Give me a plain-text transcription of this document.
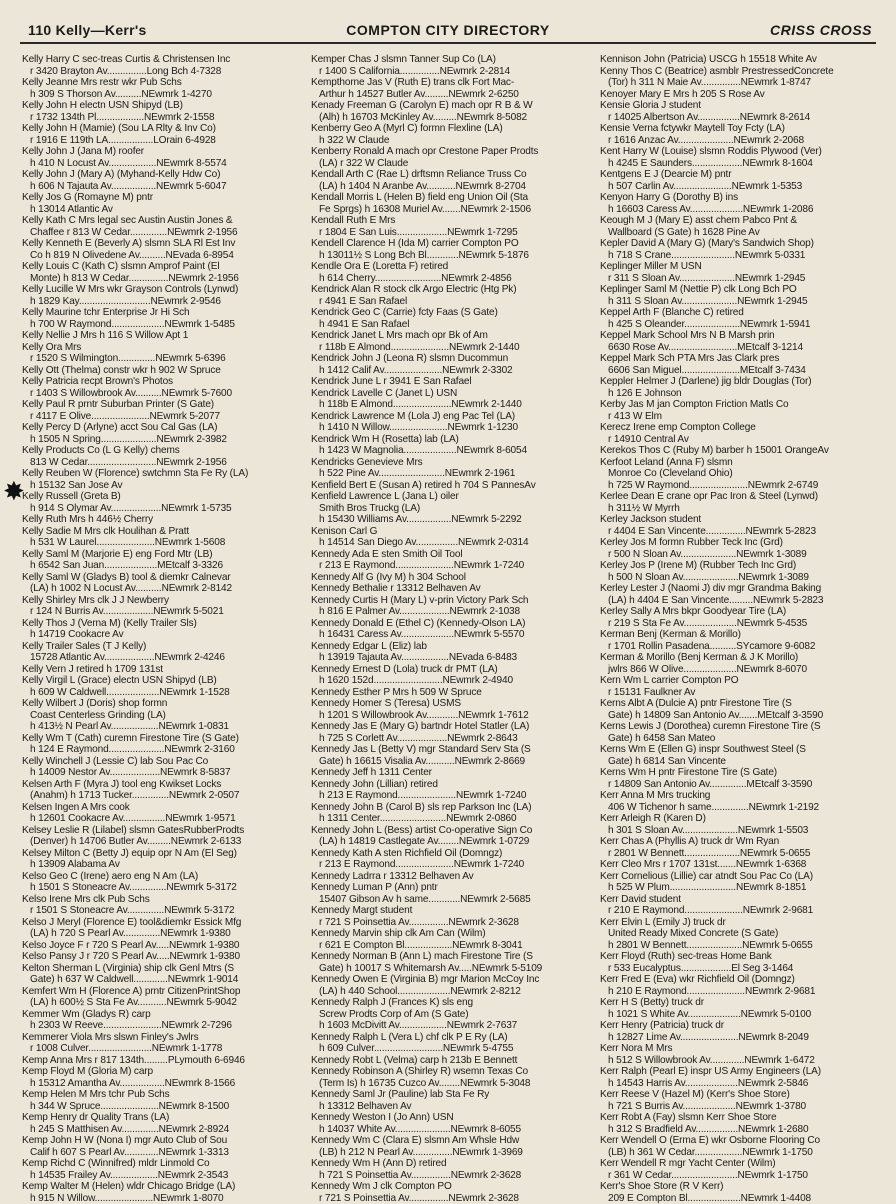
110 Kelly—Kerr's	COMPTON CITY DIRECTORY	CRISS CROSS
✸
Kelly Harry C sec-treas Curtis & Christensen Inc
r 3420 Brayton Av...............Long Bch 4-7328
Kelly Jeanne Mrs restr wkr Pub Schs
h 309 S Thorson Av..........NEwmrk 1-4270
Kelly John H electn USN Shipyd (LB)
r 1732 134th Pl..................NEwmrk 2-1558
Kelly John H (Mamie) (Sou LA Rlty & Inv Co)
r 1916 E 119th LA.................LOrain 6-4928
Kelly John J (Jana M) roofer
h 410 N Locust Av..................NEwmrk 8-5574
Kelly John J (Mary A) (Myhand-Kelly Hdw Co)
h 606 N Tajauta Av.................NEwmrk 5-6047
Kelly Jos G (Romayne M) pntr
h 13014 Atlantic Av
Kelly Kath C Mrs legal sec Austin Austin Jones &
Chaffee r 813 W Cedar..............NEwmrk 2-1956
Kelly Kenneth E (Beverly A) slsmn SLA Rl Est Inv
Co h 819 N Olivedene Av..........NEvada 6-8954
Kelly Louis C (Kath C) slsmn Amprof Paint (El
Monte) h 813 W Cedar...............NEwmrk 2-1956
Kelly Lucille W Mrs wkr Grayson Controls (Lynwd)
h 1829 Kay...........................NEwmrk 2-9546
Kelly Maurine tchr Enterprise Jr Hi Sch
h 700 W Raymond....................NEwmrk 1-5485
Kelly Nellie J Mrs h 116 S Willow Apt 1
Kelly Ora Mrs
r 1520 S Wilmington..............NEwmrk 5-6396
Kelly Ott (Thelma) constr wkr h 902 W Spruce
Kelly Patricia recpt Brown's Photos
r 1403 S Willowbrook Av..........NEwmrk 5-7600
Kelly Paul R prntr Suburban Printer (S Gate)
r 4117 E Olive......................NEwmrk 5-2077
Kelly Percy D (Arlyne) acct Sou Cal Gas (LA)
h 1505 N Spring.....................NEwmrk 2-3982
Kelly Products Co (L G Kelly) chems
813 W Cedar..........................NEwmrk 2-1956
Kelly Reuben W (Florence) swtchmn Sta Fe Ry (LA)
h 15132 San Jose Av
Kelly Russell (Greta B)
h 914 S Olymar Av...................NEwmrk 1-5735
Kelly Ruth Mrs h 446½ Cherry
Kelly Sadie M Mrs clk Houlihan & Pratt
h 531 W Laurel......................NEwmrk 1-5608
Kelly Saml M (Marjorie E) eng Ford Mtr (LB)
h 6542 San Juan....................MEtcalf 3-3326
Kelly Saml W (Gladys B) tool & diemkr Calnevar
(LA) h 1002 N Locust Av..........NEwmrk 2-8142
Kelly Shirley Mrs clk J J Newberry
r 124 N Burris Av...................NEwmrk 5-5021
Kelly Thos J (Verna M) (Kelly Trailer Sls)
h 14719 Cookacre Av
Kelly Trailer Sales (T J Kelly)
15728 Atlantic Av...................NEwmrk 2-4246
Kelly Vern J retired h 1709 131st
Kelly Virgil L (Grace) electn USN Shipyd (LB)
h 609 W Caldwell....................NEwmrk 1-1528
Kelly Wilbert J (Doris) shop formn
Coast Centerless Grinding (LA)
h 413½ N Pearl Av..................NEwmrk 1-0831
Kelly Wm T (Cath) curemn Firestone Tire (S Gate)
h 124 E Raymond.....................NEwmrk 2-3160
Kelly Winchell J (Lessie C) lab Sou Pac Co
h 14009 Nestor Av...................NEwmrk 8-5837
Kelsen Arth F (Myra J) tool eng Kwikset Locks
(Anahm) h 1713 Tucker..............NEwmrk 2-0507
Kelsen Ingen A Mrs cook
h 12601 Cookacre Av................NEwmrk 1-9571
Kelsey Leslie R (Lilabel) slsmn GatesRubberProdts
(Denver) h 14706 Butler Av.........NEwmrk 2-6133
Kelsey Milton C (Betty J) equip opr N Am (El Seg)
h 13909 Alabama Av
Kelso Geo C (Irene) aero eng N Am (LA)
h 1501 S Stoneacre Av..............NEwmrk 5-3172
Kelso Irene Mrs clk Pub Schs
r 1501 S Stoneacre Av..............NEwmrk 5-3172
Kelso J Meryl (Florence E) tool&diemkr Essick Mfg
(LA) h 720 S Pearl Av..............NEwmrk 1-9380
Kelso Joyce F r 720 S Pearl Av.....NEwmrk 1-9380
Kelso Pansy J r 720 S Pearl Av.....NEwmrk 1-9380
Kelton Sherman L (Virginia) ship clk Genl Mtrs (S
Gate) h 637 W Caldwell.............NEwmrk 1-9014
Kemfert Wm H (Florence A) prntr CitizenPrintShop
(LA) h 600½ S Sta Fe Av...........NEwmrk 5-9042
Kemmer Wm (Gladys R) carp
h 2303 W Reeve......................NEwmrk 2-7296
Kemmerer Viola Mrs slswn Finley's Jwlrs
r 1008 Culver........................NEwmrk 1-1778
Kemp Anna Mrs r 817 134th.........PLymouth 6-6946
Kemp Floyd M (Gloria M) carp
h 15312 Amantha Av.................NEwmrk 8-1566
Kemp Helen M Mrs tchr Pub Schs
h 344 W Spruce......................NEwmrk 8-1500
Kemp Henry dr Quality Trans (LA)
h 245 S Matthisen Av..............NEwmrk 2-8924
Kemp John H W (Nona I) mgr Auto Club of Sou
Calif h 607 S Pearl Av.............NEwmrk 1-3313
Kemp Richd C (Winnifred) mldr Linmold Co
h 14535 Frailey Av..................NEwmrk 2-3543
Kemp Walter M (Helen) wldr Chicago Bridge (LA)
h 915 N Willow......................NEwmrk 1-8070
Kemper Chas J slsmn Tanner Sup Co (LA)
r 1400 S California...............NEwmrk 2-2814
Kempthorne Jas V (Ruth E) trans clk Fort Mac-
Arthur h 14527 Butler Av.........NEwmrk 2-6250
Kenady Freeman G (Carolyn E) mach opr R B & W
(Alh) h 16703 McKinley Av.........NEwmrk 8-5082
Kenberry Geo A (Myrl C) formn Flexline (LA)
h 322 W Claude
Kenberry Ronald A mach opr Crestone Paper Prodts
(LA) r 322 W Claude
Kendall Arth C (Rae L) drftsmn Reliance Truss Co
(LA) h 1404 N Aranbe Av...........NEwmrk 8-2704
Kendall Morris L (Helen B) field eng Union Oil (Sta
Fe Sprgs) h 16308 Muriel Av.......NEwmrk 2-1506
Kendall Ruth E Mrs
r 1804 E San Luis...................NEwmrk 1-7295
Kendell Clarence H (Ida M) carrier Compton PO
h 13011½ S Long Bch Bl............NEwmrk 5-1876
Kendle Ora E (Loretta F) retired
h 614 Cherry.........................NEwmrk 2-4856
Kendrick Alan R stock clk Argo Electric (Htg Pk)
r 4941 E San Rafael
Kendrick Geo C (Carrie) fcty Faas (S Gate)
h 4941 E San Rafael
Kendrick Janet L Mrs mach opr Bk of Am
r 118b E Almond......................NEwmrk 2-1440
Kendrick John J (Leona R) slsmn Ducommun
h 1412 Calif Av......................NEwmrk 2-3302
Kendrick June L r 3941 E San Rafael
Kendrick Lavelle C (Janet L) USN
h 118b E Almond......................NEwmrk 2-1440
Kendrick Lawrence M (Lola J) eng Pac Tel (LA)
h 1410 N Willow......................NEwmrk 1-1230
Kendrick Wm H (Rosetta) lab (LA)
h 1423 W Magnolia....................NEwmrk 8-6054
Kendricks Genevieve Mrs
h 522 Pine Av.........................NEwmrk 2-1961
Kenfield Bert E (Susan A) retired h 704 S PannesAv
Kenfield Lawrence L (Jana L) oiler
Smith Bros Truckg (LA)
h 15430 Williams Av.................NEwmrk 5-2292
Kenison Carl G
h 14514 San Diego Av................NEwmrk 2-0314
Kennedy Ada E sten Smith Oil Tool
r 213 E Raymond......................NEwmrk 1-7240
Kennedy Alf G (Ivy M) h 304 School
Kennedy Bethalie r 13312 Belhaven Av
Kennedy Curtis H (Mary L) v-prin Victory Park Sch
h 816 E Palmer Av...................NEwmrk 2-1038
Kennedy Donald E (Ethel C) (Kennedy-Olson LA)
h 16431 Caress Av....................NEwmrk 5-5570
Kennedy Edgar L (Eliz) lab
h 13919 Tajauta Av..................NEvada 6-8483
Kennedy Ernest D (Lola) truck dr PMT (LA)
h 1620 152d..........................NEwmrk 2-4940
Kennedy Esther P Mrs h 509 W Spruce
Kennedy Homer S (Teresa) USMS
h 1201 S Willowbrook Av............NEwmrk 1-7612
Kennedy Jas E (Mary G) bartndr Hotel Statler (LA)
h 725 S Corlett Av...................NEwmrk 2-8643
Kennedy Jas L (Betty V) mgr Standard Serv Sta (S
Gate) h 16615 Visalia Av...........NEwmrk 2-8669
Kennedy Jeff h 1311 Center
Kennedy John (Lillian) retired
h 213 E Raymond......................NEwmrk 1-7240
Kennedy John B (Carol B) sls rep Parkson Inc (LA)
h 1311 Center.........................NEwmrk 2-0860
Kennedy John L (Bess) artist Co-operative Sign Co
(LA) h 14819 Castlegate Av........NEwmrk 1-0729
Kennedy Kath A sten Richfield Oil (Domngz)
r 213 E Raymond......................NEwmrk 1-7240
Kennedy Ladrra r 13312 Belhaven Av
Kennedy Luman P (Ann) pntr
15407 Gibson Av h same............NEwmrk 2-5685
Kennedy Margt student
r 721 S Poinsettia Av...............NEwmrk 2-3628
Kennedy Marvin ship clk Am Can (Wilm)
r 621 E Compton Bl..................NEwmrk 8-3041
Kennedy Norman B (Ann L) mach Firestone Tire (S
Gate) h 10017 S Whitemarsh Av.....NEwmrk 5-5109
Kennedy Owen E (Virginia B) mgr Marion McCoy Inc
(LA) h 440 School....................NEwmrk 2-8212
Kennedy Ralph J (Frances K) sls eng
Screw Prodts Corp of Am (S Gate)
h 1603 McDivitt Av..................NEwmrk 2-7637
Kennedy Ralph L (Vera L) chf clk P E Ry (LA)
h 609 Culver..........................NEwmrk 5-4755
Kennedy Robt L (Velma) carp h 213b E Bennett
Kennedy Robinson A (Shirley R) wsemn Texas Co
(Term Is) h 16735 Cuzco Av........NEwmrk 5-3048
Kennedy Saml Jr (Pauline) lab Sta Fe Ry
h 13312 Belhaven Av
Kennedy Weston I (Jo Ann) USN
h 14037 White Av.....................NEwmrk 8-6055
Kennedy Wm C (Clara E) slsmn Am Whsle Hdw
(LB) h 212 N Pearl Av...............NEwmrk 1-3969
Kennedy Wm H (Ann D) retired
h 721 S Poinsettia Av...............NEwmrk 2-3628
Kennedy Wm J clk Compton PO
r 721 S Poinsettia Av...............NEwmrk 2-3628
Kennison John (Patricia) USCG h 15518 White Av
Kenny Thos C (Beatrice) asmblr PrestressedConcrete
(Tor) h 311 N Maie Av...............NEwmrk 1-8747
Kenoyer Mary E Mrs h 205 S Rose Av
Kensie Gloria J student
r 14025 Albertson Av................NEwmrk 8-2614
Kensie Verna fctywkr Maytell Toy Fcty (LA)
r 1616 Anzac Av.....................NEwmrk 2-2068
Kent Harry W (Louise) slsmn Roddis Plywood (Ver)
h 4245 E Saunders...................NEwmrk 8-1604
Kentgens E J (Dearcie M) pntr
h 507 Carlin Av......................NEwmrk 1-5353
Kenyon Harry G (Dorothy B) ins
h 16603 Caress Av....................NEwmrk 1-2086
Keough M J (Mary E) asst chem Pabco Pnt &
Wallboard (S Gate) h 1628 Pine Av
Kepler David A (Mary G) (Mary's Sandwich Shop)
h 718 S Crane........................NEwmrk 5-0331
Keplinger Miller M USN
r 311 S Sloan Av.....................NEwmrk 1-2945
Keplinger Saml M (Nettie P) clk Long Bch PO
h 311 S Sloan Av.....................NEwmrk 1-2945
Keppel Arth F (Blanche C) retired
h 425 S Oleander.....................NEwmrk 1-5941
Keppel Mark School Mrs N B Marsh prin
6630 Rose Av..........................MEtcalf 3-1214
Keppel Mark Sch PTA Mrs Jas Clark pres
6606 San Miguel......................MEtcalf 3-7434
Keppler Helmer J (Darlene) jig bldr Douglas (Tor)
h 126 E Johnson
Kerby Jas M jan Compton Friction Matls Co
r 413 W Elm
Kerecz Irene emp Compton College
r 14910 Central Av
Kerekos Thos C (Ruby M) barber h 15001 OrangeAv
Kerfoot Leland (Anna F) slsmn
Monroe Co (Cleveland Ohio)
h 725 W Raymond......................NEwmrk 2-6749
Kerlee Dean E crane opr Pac Iron & Steel (Lynwd)
h 311½ W Myrrh
Kerley Jackson student
r 4404 E San Vincente...............NEwmrk 5-2823
Kerley Jos M formn Rubber Teck Inc (Grd)
r 500 N Sloan Av.....................NEwmrk 1-3089
Kerley Jos P (Irene M) (Rubber Tech Inc Grd)
h 500 N Sloan Av.....................NEwmrk 1-3089
Kerley Lester J (Naomi J) div mgr Grandma Baking
(LA) h 4404 E San Vincente.........NEwmrk 5-2823
Kerley Sally A Mrs bkpr Goodyear Tire (LA)
r 219 S Sta Fe Av....................NEwmrk 5-4535
Kerman Benj (Kerman & Morillo)
r 1701 Rollin Pasadena..........SYcamore 9-6082
Kerman & Morillo (Benj Kerman & J K Morillo)
jwlrs 866 W Olive....................NEwmrk 8-6070
Kern Wm L carrier Compton PO
r 15131 Faulkner Av
Kerns Albt A (Dulcie A) pntr Firestone Tire (S
Gate) h 14809 San Antonio Av.......MEtcalf 3-3590
Kerns Lewis J (Dorothea) curemn Firestone Tire (S
Gate) h 6458 San Mateo
Kerns Wm E (Ellen G) inspr Southwest Steel (S
Gate) h 6814 San Vincente
Kerns Wm H pntr Firestone Tire (S Gate)
r 14809 San Antonio Av..............MEtcalf 3-3590
Kerr Anna M Mrs trucking
406 W Tichenor h same..............NEwmrk 1-2192
Kerr Arleigh R (Karen D)
h 301 S Sloan Av.....................NEwmrk 1-5503
Kerr Chas A (Phyllis A) truck dr Wm Ryan
r 2801 W Bennett.....................NEwmrk 5-0655
Kerr Cleo Mrs r 1707 131st.......NEwmrk 1-6368
Kerr Cornelious (Lillie) car atndt Sou Pac Co (LA)
h 525 W Plum.........................NEwmrk 8-1851
Kerr David student
r 210 E Raymond......................NEwmrk 2-9681
Kerr Elvin L (Emily J) truck dr
United Ready Mixed Concrete (S Gate)
h 2801 W Bennett.....................NEwmrk 5-0655
Kerr Floyd (Ruth) sec-treas Home Bank
r 533 Eucalyptus...................El Seg 3-1464
Kerr Fred E (Eva) wkr Richfield Oil (Domngz)
h 210 E Raymond......................NEwmrk 2-9681
Kerr H S (Betty) truck dr
h 1021 S White Av....................NEwmrk 5-0100
Kerr Henry (Patricia) truck dr
h 12827 Lime Av......................NEwmrk 8-2049
Kerr Nora M Mrs
h 512 S Willowbrook Av.............NEwmrk 1-6472
Kerr Ralph (Pearl E) inspr US Army Engineers (LA)
h 14543 Harris Av....................NEwmrk 2-5846
Kerr Reese V (Hazel M) (Kerr's Shoe Store)
h 721 S Burris Av....................NEwmrk 1-3780
Kerr Robt A (Fay) slsmn Kerr Shoe Store
h 312 S Bradfield Av................NEwmrk 1-2680
Kerr Wendell O (Erma E) wkr Osborne Flooring Co
(LB) h 361 W Cedar..................NEwmrk 1-1750
Kerr Wendell R mgr Yacht Center (Wilm)
r 361 W Cedar.........................NEwmrk 1-1750
Kerr's Shoe Store (R V Kerr)
209 E Compton Bl....................NEwmrk 1-4408
